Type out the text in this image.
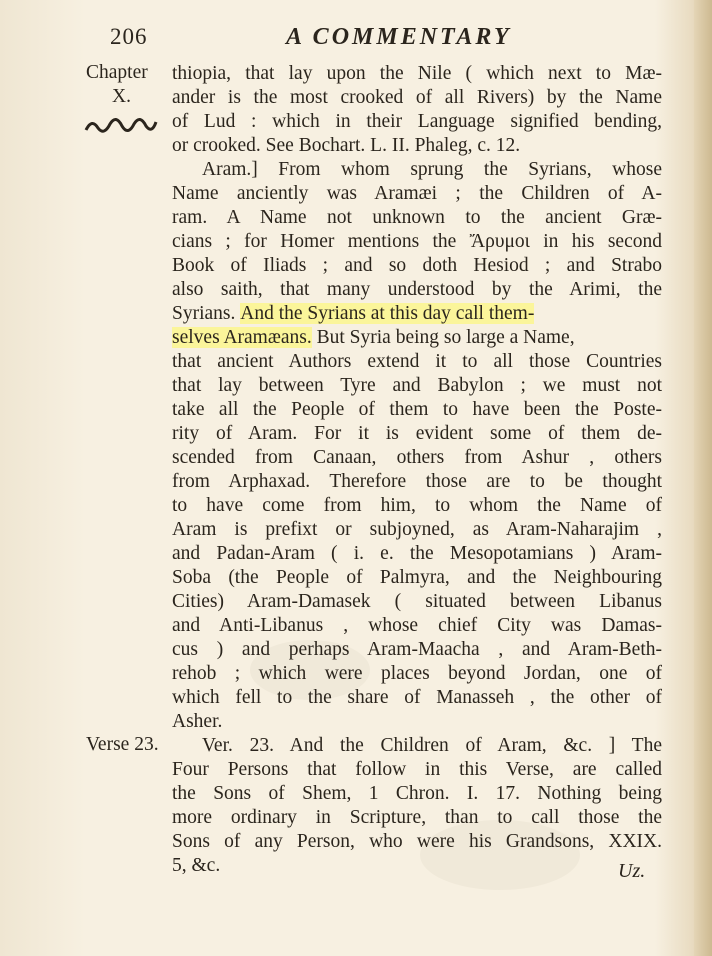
206	A COMMENTARY
Chapter
X.
Verse 23.
thiopia, that lay upon the Nile ( which next to Mæ-
ander is the most crooked of all Rivers) by the Name
of Lud : which in their Language signified bending,
or crooked. See Bochart. L. II. Phaleg, c. 12.
Aram.] From whom sprung the Syrians, whose
Name anciently was Aramæi ; the Children of A-
ram. A Name not unknown to the ancient Græ-
cians ; for Homer mentions the Ἄρυμοι in his second
Book of Iliads ; and so doth Hesiod ; and Strabo
also saith, that many understood by the Arimi, the
Syrians. And the Syrians at this day call them-
selves Aramæans. But Syria being so large a Name,
that ancient Authors extend it to all those Countries
that lay between Tyre and Babylon ; we must not
take all the People of them to have been the Poste-
rity of Aram. For it is evident some of them de-
scended from Canaan, others from Ashur , others
from Arphaxad. Therefore those are to be thought
to have come from him, to whom the Name of
Aram is prefixt or subjoyned, as Aram-Naharajim ,
and Padan-Aram ( i. e. the Mesopotamians ) Aram-
Soba (the People of Palmyra, and the Neighbouring
Cities) Aram-Damasek ( situated between Libanus
and Anti-Libanus , whose chief City was Damas-
cus ) and perhaps Aram-Maacha , and Aram-Beth-
rehob ; which were places beyond Jordan, one of
which fell to the share of Manasseh , the other of
Asher.
Ver. 23. And the Children of Aram, &c. ] The
Four Persons that follow in this Verse, are called
the Sons of Shem, 1 Chron. I. 17. Nothing being
more ordinary in Scripture, than to call those the
Sons of any Person, who were his Grandsons, XXIX.
5, &c.	Uz.
